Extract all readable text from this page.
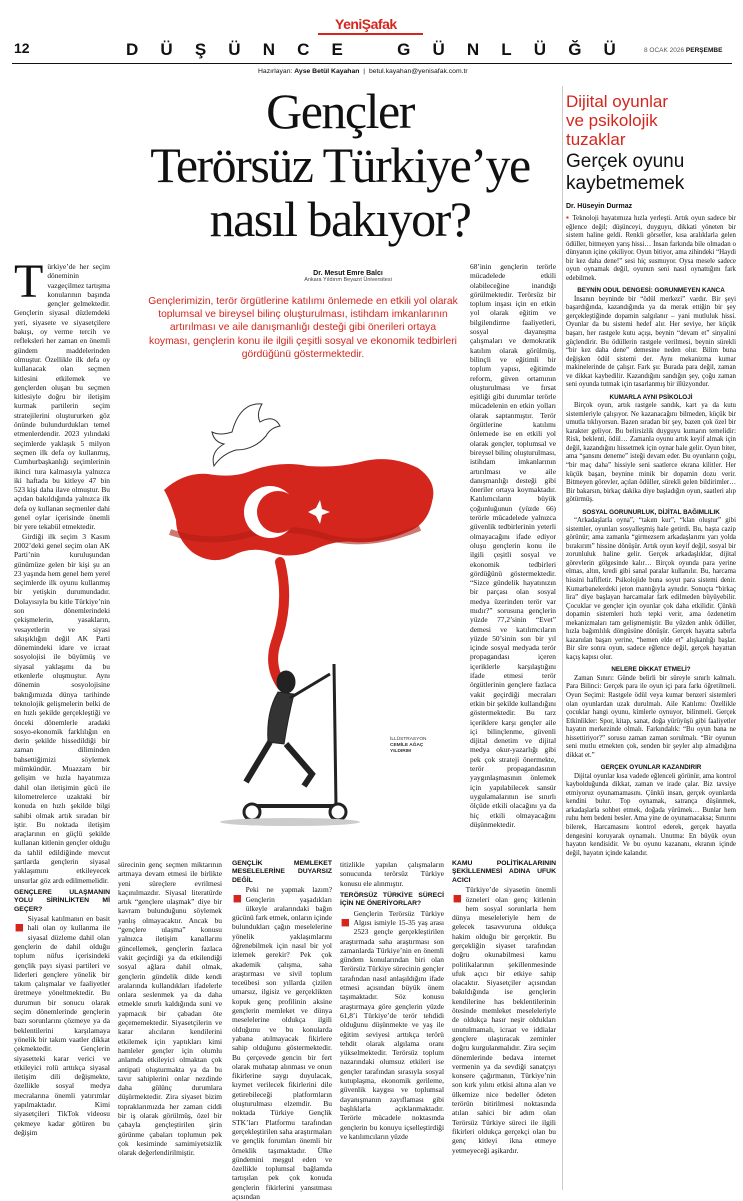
12
YeniŞafak
D Ü Ş Ü N C E	G Ü N L Ü Ğ Ü	8 OCAK 2026 PERŞEMBE
Hazırlayan: Ayse Betül Kayahan | betul.kayahan@yenisafak.com.tr
Gençler
Terörsüz Türkiye’ye
nasıl bakıyor?
Dr. Mesut Emre Balcı
Ankara Yıldırım Beyazıt Üniversitesi
Gençlerimizin, terör örgütlerine katılımı önlemede en etkili yol olarak toplumsal ve bireysel bilinç oluşturulması, istihdam imkanlarının artırılması ve aile danışmanlığı desteği gibi önerileri ortaya koyması, gençlerin konu ile ilgili çeşitli sosyal ve ekonomik tedbirleri gördüğünü göstermektedir.
İLLÜSTRASYON
CEMİLE AĞAÇ
YILDIRIM

Türkiye’de her seçim döneminin vazgeçilmez tartışma konularının başında gençler gelmektedir. Gençlerin siyasal düzlemdeki yeri, siyasete ve siyasetçilere bakışı, oy verme tercih ve refleksleri her zaman en önemli gündem maddelerinden olmuştur. Özellikle ilk defa oy kullanacak olan seçmen kitlesini etkilemek ve gençlerden oluşan bu seçmen kitlesiyle doğru bir iletişim kurmak partilerin seçim stratejilerini oluştururken göz önünde bulundurdukları temel etmenlerdendir. 2023 yılındaki seçimlerde yaklaşık 5 milyon seçmen ilk defa oy kullanmış, Cumhurbaşkanlığı seçimlerinin ikinci tura kalmasıyla yalnızca iki haftada bu kitleye 47 bin 523 kişi daha ilave olmuştur. Bu açıdan bakıldığında yalnızca ilk defa oy kullanan seçmenler dahi genel oylar içerisinde önemli bir yere tekabül etmektedir.

Girdiği ilk seçim 3 Kasım 2002’deki genel seçim olan AK Parti’nin kuruluşundan günümüze gelen bir kişi şu an 23 yaşında hem genel hem yerel seçimlerde ilk oyunu kullanmış bir yetişkin durumundadır. Dolayısıyla bu kitle Türkiye’nin son dönemlerindeki çekişmelerin, yasakların, vesayetlerin ve siyasi sıkışıklığın değil AK Parti dönemindeki idare ve icraat sosyolojisi ile büyümüş ve siyasal yaklaşımı da bu etkenlerle oluşmuştur. Aynı dönemin sosyolojisine baktığımızda dünya tarihinde teknolojik gelişmelerin belki de en hızlı şekilde gerçekleştiği ve önceki dönemlerle aradaki sosyo-ekonomik farklılığın en derin şekilde hissedildiği bir zaman diliminden bahsettiğimizi söylemek mümkündür. Muazzam bir gelişim ve hızla hayatımıza dahil olan iletişimin gücü ile kilometrelerce uzaktaki bir konuda en hızlı şekilde bilgi sahibi olmak artık sıradan bir iştir. Bu noktada iletişim araçlarının en güçlü şekilde kullanan kitlenin gençler olduğu da tahlil edildiğinde mevcut şartlarda gençlerin siyasal yaklaşımını etkileyecek unsurlar göz ardı edilmemelidir.

GENÇLERE ULAŞMANIN YOLU SİRİNLİKTEN Mİ GEÇER?

▪ Siyasal katılmanın en basit hali olan oy kullanma ile siyasal düzleme dahil olan gençlerin de dahil olduğu toplum nüfus içerisindeki gençlik payı siyasi partileri ve liderleri gençlere yönelik bir takım çalışmalar ve faaliyetler üretmeye yöneltmektedir. Bu durumun bir sonucu olarak seçim dönemlerinde gençlerin bazı sorunlarını çözmeye ya da beklentilerini karşılamaya yönelik bir takım vaatler dikkat çekmektedir. Gençlerin siyasetteki karar verici ve etkileyici rolü arttıkça siyasal iletişim dili değişmekte, özellikle sosyal medya mecralarına önemli yatırımlar yapılmaktadır. Kimi siyasetçileri TikTok videosu çekmeye kadar götüren bu değişim

68’inin gençlerin terörle mücadelede etkili olabileceğine inandığı görülmektedir. Terörsüz bir toplum inşası için en etkin yol olarak eğitim ve bilgilendirme faaliyetleri, sosyal dayanışma çalışmaları ve demokratik katılım olarak görülmüş, bilinçli ve eğitimli bir toplum yapısı, eğitimde reform, güven ortamının oluşturulması ve fırsat eşitliği gibi durumlar terörle mücadelenin en etkin yolları olarak saptanmıştır. Terör örgütlerine katılımı önlemede ise en etkili yol olarak gençler, toplumsal ve bireysel bilinç oluşturulması, istihdam imkanlarının artırılması ve aile danışmanlığı desteği gibi öneriler ortaya koymaktadır. Katılımcıların büyük çoğunluğunun (yüzde 66) terörle mücadelede yalnızca güvenlik tedbirlerinin yeterli olmayacağını ifade ediyor oluşu gençlerin konu ile ilgili çeşitli sosyal ve ekonomik tedbirleri gördüğünü göstermektedir. “Sizce gündelik hayatınızın bir parçası olan sosyal medya üzerinden terör var mıdır?” sorusuna gençlerin yüzde 77,2’sinin “Evet” demesi ve katılımcıların yüzde 50’sinin son bir yıl içinde sosyal medyada terör propagandası içeren içeriklerle karşılaştığını ifade etmesi terör örgütlerinin gençlere fazlaca vakit geçirdiği mecraları etkin bir şekilde kullandığını göstermektedir. Bu tarz içeriklere karşı gençler aile içi bilinçlenme, güvenli dijital denetim ve dijital medya okur-yazarlığı gibi pek çok strateji önermekte, terör propagandasının yaygınlaşmasının önlemek için yapılabilecek sansür uygulamalarının ise sınırlı ölçüde etkili olacağını ya da hiç etkili olmayacağını düşünmektedir.

sürecinin genç seçmen miktarının artmaya devam etmesi ile birlikte yeni süreçlere evrilmesi kaçınılmazdır. Siyasal literatürde artık “gençlere ulaşmak” diye bir kavram bulunduğunu söylemek yanlış olmayacaktır. Ancak bu “gençlere ulaşma” konusu yalnızca iletişim kanallarını güncellemek, gençlerin fazlaca vakit geçirdiği ya da etkilendiği sosyal ağlara dahil olmak, gençlerin gündelik dilde kendi aralarında kullandıkları ifadelerle onlara seslenmek ya da daha etmekle sınırlı kaldığında suni ve yapmacık bir çabadan öte geçememektedir. Siyasetçilerin ve karar alıcıların kendilerini etkilemek için yaptıkları kimi hamleler gençler için olumlu anlamda etkileyici olmaktan çok antipati oluşturmakta ya da bu tavır sahiplerini onlar nezdinde daha gülünç durumlara düşürmektedir. Zira siyaset bizim topraklarımızda her zaman ciddi bir iş olarak görülmüş, özel bir çabayla gençleştirilen şirin görünme çabaları toplumun pek çok kesiminde samimiyetsizlik olarak değerlendirilmiştir.

GENÇLİK MEMLEKET MESELELERİNE DUYARSIZ DEĞİL

▪ Peki ne yapmak lazım? Gençlerin yaşadıkları ülkeyle aralarındaki bağın gücünü fark etmek, onların içinde bulundukları çağın meselelerine yönelik yaklaşımlarını öğrenebilmek için nasıl bir yol izlemek gerekir? Pek çok akademik çalışma, saha araştırması ve sivil toplum teceübesi son yıllarda çizilen umarsız, ilgisiz ve gerçeklikten kopuk genç profilinin aksine gençlerin memleket ve dünya meselelerine oldukça ilgili olduğunu ve bu konularda yabana atılmayacak fikirlere sahip olduğunu göstermektedir. Bu çerçevede gencin bir fert olarak muhatap alınması ve onun fikirlerine saygı duyulacak, kıymet verilecek fikirlerini dile getirebileceği platformların oluşturulması elzemdir. Bu noktada Türkiye Gençlik STK’ları Platformu tarafından gerçekleştirilen saha araştırmaları ve gençlik forumları önemli bir örneklik taşımaktadır. Ülke gündemini meşgul eden ve özellikle toplumsal bağlamda tartışılan pek çok konuda gençlerin fikirlerini yansıtması açısından

titizlikle yapılan çalışmaların sonucunda terörsüz Türkiye konusu ele alınmıştır.

TERÖRSÜZ TÜRKİYE SÜRECİ İÇİN NE ÖNERİYORLAR?

▪ Gençlerin Terörsüz Türkiye Algısı ismiyle 15-35 yaş arası 2523 gençle gerçekleştirilen araştırmada saha araştırması son zamanlarda Türkiye’nin en önemli gündem konularından biri olan Terörsüz Türkiye sürecinin gençler tarafından nasıl anlaşıldığını ifade etmesi açısından büyük önem taşımaktadır. Söz konusu araştırmaya göre gençlerin yüzde 61,8’i Türkiye’de terör tehdidi olduğunu düşünmekte ve yaş ile eğitim seviyesi arttıkça terörü tehdit olarak algılama oranı yükselmektedir. Terörsüz toplum nazarındaki olumsuz etkileri ise gençler tarafından sırasıyla sosyal kutuplaşma, ekonomik gerileme, güvenlik kaygısı ve toplumsal dayanışmanın zayıflaması gibi başlıklarla açıklanmaktadır. Terörle mücadele noktasında gençlerin bu konuyu içselleştirdiği ve katılımcıların yüzde

KAMU POLİTİKALARININ ŞEKİLLENMESİ ADINA UFUK ACICI

▪ Türkiye’de siyasetin önemli özneleri olan genç kitlenin hem sosyal sorunlarla hem dünya meseleleriyle hem de gelecek tasavvuruna oldukça hakim olduğu bir gerçektir. Bu gerçekliğin siyaset tarafından doğru okunabilmesi kamu politikalarının şekillenmesinde ufuk açıcı bir etkiye sahip olacaktır. Siyasetçiler açısından bakıldığında ise gençlerin kendilerine has beklentilerinin ötesinde memleket meseleleriyle de oldukça hasır neşir oldukları unutulmamalı, icraat ve iddialar gençlere ulaştıracak zeminler doğru kurgulanmalıdır. Zira seçim dönemlerinde bedava internet vermenin ya da sevdiği sanatçıyı konsere çağırmanın, Türkiye’nin son kırk yılını etkisi altına alan ve ülkemize nice bedeller ödeten terörün bitirilmesi noktasında atılan sahici bir adım olan Terörsüz Türkiye süreci ile ilgili fikirleri oldukça gerçekçi olan bu genç kitleyi ikna etmeye yetmeyeceği aşikardır.

Dijital oyunlar
ve psikolojik
tuzaklar
Gerçek oyunu
kaybetmemek
Dr. Hüseyin Durmaz

▪ Teknoloji hayatımıza hızla yerleşti. Artık oyun sadece bir eğlence değil; düşünceyi, duyguyu, dikkati yöneten bir sistem haline geldi. Renkli görseller, kısa aralıklarla gelen ödüller, bitmeyen yarış hissi… İnsan farkında bile olmadan o dünyanın içine çekiliyor. Oyun bitiyor, ama zihindeki “Haydi bir kez daha dene!” sesi hiç susmuyor. Oysa mesele sadece oyun oynamak değil, oyunun seni nasıl oynattığını fark edebilmek.

BEYNİN ODUL DENGESİ: GORUNMEYEN KANCA

İnsanın beyninde bir “ödül merkezi” vardır. Bir şeyi başardığında, kazandığında ya da merak ettiğin bir şey gerçekleştiğinde dopamin salgılanır – yani mutluluk hissi. Oyunlar da bu sistemi hedef alır. Her seviye, her küçük başarı, her rastgele kutu açışı, beynin “devam et” sinyalini güçlendirir. Bu ödüllerin rastgele verilmesi, beynin sürekli “bir kez daha dene” demesine neden olur. Bilim buna değişken ödül sistemi der. Aynı mekanizma kumar makinelerinde de çalışır. Fark şu: Burada para değil, zaman ve dikkat kaybedilir. Kazandığını sandığın şey, çoğu zaman seni oyunda tutmak için tasarlanmış bir illüzyondur.

KUMARLA AYNI PSİKOLOJİ

Birçok oyun, artık rastgele sandık, kart ya da kutu sistemleriyle çalışıyor. Ne kazanacağını bilmeden, küçük bir umutla tıklıyorsun. Bazen sıradan bir şey, bazen çok özel bir karakter geliyor. Bu belirsizlik duyguyu kumarın temelidir: Risk, beklenti, ödül… Zamanla oyunu artık keyif almak için değil, kazandığını hissetmek için oynar hale gelir. Oyun biter, ama “şansını deneme” isteği devam eder. Bu oyunların çoğu, “bir maç daha” hissiyle seni saatlerce ekrana kilitler. Her küçük başarı, beynine minik bir dopamin dozu verir. Bitmeyen görevler, açılan ödüller, sürekli gelen bildirimler… Bir bakarsın, birkaç dakika diye başladığın oyun, saatleri alıp götürmüş.

SOSYAL GORUNURLUK, DİJİTAL BAĞIMLILIK

“Arkadaşlarla oyna”, “takım kur”, “klan oluştur” gibi sistemler, oyunları sosyalleşmiş hale getirdi. Bu, başta cazip görünür; ama zamanla “girmezsem arkadaşlarımı yarı yolda bırakırım” hissine dönüşür. Artık oyun keyif değil, sosyal bir zorunluluk haline gelir. Gerçek arkadaşlıklar, dijital görevlerin gölgesinde kalır… Birçok oyunda para yerine elmas, altın, kredi gibi sanal paralar kullanılır. Bu, harcama hissini hafifletir. Psikolojide buna soyut para sistemi denir. Kumarbanelerdeki jeton mantığıyla aynıdır. Sonuçta “birkaç lira” diye başlayan harcamalar fark edilmeden büyüyebilir. Çocuklar ve gençler için oyunlar çok daha etkilidir. Çünkü dopamin sistemleri hızlı tepki verir, ama özdenetim mekanizmaları tam gelişmemiştir. Bu yüzden anlık ödüller, hızla bağımlılık döngüsüne dönüşür. Gerçek hayatta sabırla kazanılan başarı yerine, “hemen elde et” alışkanlığı başlar. Bir sîre sonra oyun, sadece eğlence değil, gerçek hayattan kaçış kapısı olur.

NELERE DİKKAT ETMELİ?

Zaman Sınırı: Günde belirli bir süreyle sınırlı kalmalı. Para Bilinci: Gerçek para ile oyun içi para farkı öğretilmeli. Oyun Seçimi: Rastgele ödül veya kumar benzeri sistemleri olan oyunlardan uzak durulmalı. Aile Katılımı: Özellikle çocuklar hangi oyunu, kimlerle oynuyor, bilinmeli. Gerçek Etkinlikler: Spor, kitap, sanat, doğa yürüyüşü gibi faaliyetler hayatın merkezinde olmalı. Farkındalık: “Bu oyun bana ne hissettiriyor?” sorusu zaman zaman sorulmalı. “Bir oyunun seni mutlu etmekten çok, senden bir şeyler alıp almadığına dikkat et.”

GERÇEK OYUNLAR KAZANDIRIR

Dijital oyunlar kısa vadede eğlenceli görünür, ama kontrol kaybolduğunda dikkat, zaman ve irade çalar. Biz tavsiye etmiyoruz oyunamamasını. Çünkü insan, gerçek oyunlarda kendini bulur. Top oynamak, satrança düşünmek, arkadaşlarla sohbet etmek, doğada yürümek… Bunlar hem ruhu hem bedeni besler. Ama yine de oyunamacaksa; Sınırını bilerek, Harcamasını kontrol ederek, gerçek hayatla dengesini koruyarak oynamalı. Unutma: En büyük oyun hayatın kendisidir. Ve bu oyunu kazananı, ekranın içinde değil, hayatın içinde kalandır.
